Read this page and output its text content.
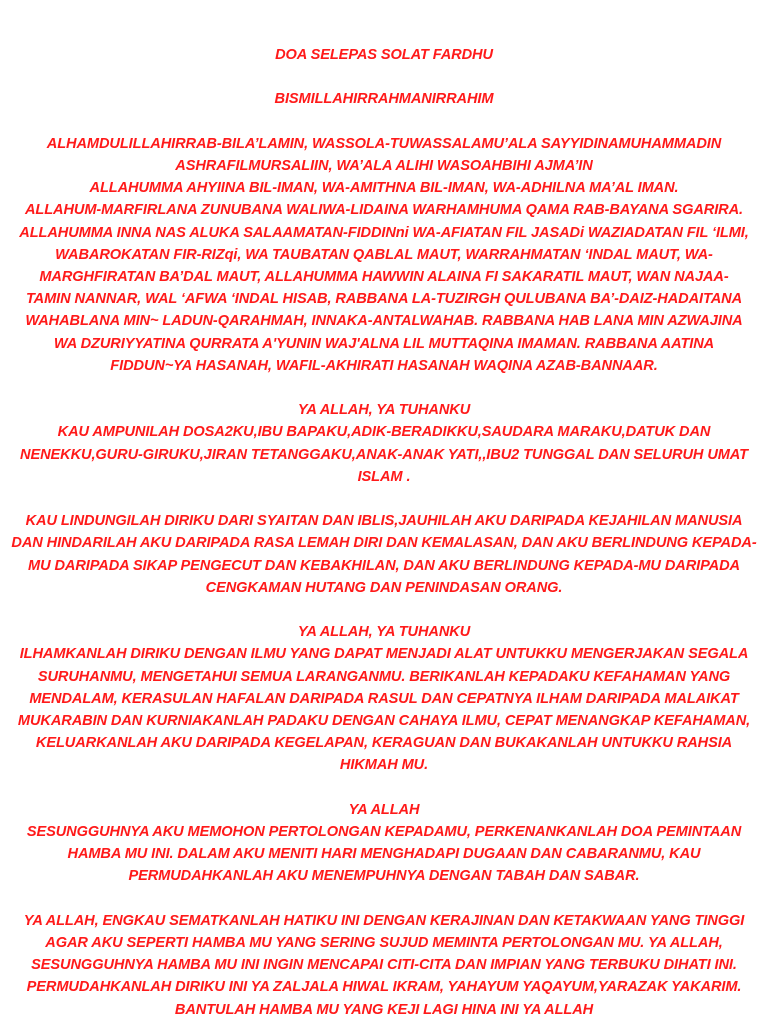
DOA SELEPAS SOLAT FARDHU
BISMILLAHIRRAHMANIRRAHIM
ALHAMDULILLAHIRRAB-BILA’LAMIN, WASSOLA-TUWASSALAMU’ALA SAYYIDINAMUHAMMADIN
ASHRAFILMURSALIIN, WA’ALA ALIHI WASOAHBIHI AJMA’IN
ALLAHUMMA AHYIINA BIL-IMAN, WA-AMITHNA BIL-IMAN, WA-ADHILNA MA’AL IMAN.
ALLAHUM-MARFIRLANA ZUNUBANA WALIWA-LIDAINA WARHAMHUMA QAMA RAB-BAYANA SGARIRA.
ALLAHUMMA INNA NAS ALUKA SALAAMATAN-FIDDINni WA-AFIATAN FIL JASADi WAZIADATAN FIL ‘ILMI,
WABAROKATAN FIR-RIZqi, WA TAUBATAN QABLAL MAUT, WARRAHMATAN ‘INDAL MAUT, WA-
MARGHFIRATAN BA’DAL MAUT, ALLAHUMMA HAWWIN ALAINA FI SAKARATIL MAUT, WAN NAJAA-
TAMIN NANNAR, WAL ‘AFWA ‘INDAL HISAB, RABBANA LA-TUZIRGH QULUBANA BA’-DAIZ-HADAITANA
WAHABLANA MIN~ LADUN-QARAHMAH, INNAKA-ANTALWAHAB. RABBANA HAB LANA MIN AZWAJINA
WA DZURIYYATINA QURRATA A'YUNIN WAJ'ALNA LIL MUTTAQINA IMAMAN. RABBANA AATINA
FIDDUN~YA HASANAH, WAFIL-AKHIRATI HASANAH WAQINA AZAB-BANNAAR.
YA ALLAH, YA TUHANKU
KAU AMPUNILAH DOSA2KU,IBU BAPAKU,ADIK-BERADIKKU,SAUDARA MARAKU,DATUK DAN
NENEKKU,GURU-GIRUKU,JIRAN TETANGGAKU,ANAK-ANAK YATI,,IBU2 TUNGGAL DAN SELURUH UMAT
ISLAM .
KAU LINDUNGILAH DIRIKU DARI SYAITAN DAN IBLIS,JAUHILAH AKU DARIPADA KEJAHILAN MANUSIA
DAN HINDARILAH AKU DARIPADA RASA LEMAH DIRI DAN KEMALASAN, DAN AKU BERLINDUNG KEPADA-
MU DARIPADA SIKAP PENGECUT DAN KEBAKHILAN, DAN AKU BERLINDUNG KEPADA-MU DARIPADA
CENGKAMAN HUTANG DAN PENINDASAN ORANG.
YA ALLAH, YA TUHANKU
ILHAMKANLAH DIRIKU DENGAN ILMU YANG DAPAT MENJADI ALAT UNTUKKU MENGERJAKAN SEGALA
SURUHANMU, MENGETAHUI SEMUA LARANGANMU. BERIKANLAH KEPADAKU KEFAHAMAN YANG
MENDALAM, KERASULAN HAFALAN DARIPADA RASUL DAN CEPATNYA ILHAM DARIPADA MALAIKAT
MUKARABIN DAN KURNIAKANLAH PADAKU DENGAN CAHAYA ILMU, CEPAT MENANGKAP KEFAHAMAN,
KELUARKANLAH AKU DARIPADA KEGELAPAN, KERAGUAN DAN BUKAKANLAH UNTUKKU RAHSIA
HIKMAH MU.
YA ALLAH
SESUNGGUHNYA AKU MEMOHON PERTOLONGAN KEPADAMU, PERKENANKANLAH DOA PEMINTAAN
HAMBA MU INI. DALAM AKU MENITI HARI MENGHADAPI DUGAAN DAN CABARANMU, KAU
PERMUDAHKANLAH AKU MENEMPUHNYA DENGAN TABAH DAN SABAR.
YA ALLAH, ENGKAU SEMATKANLAH HATIKU INI DENGAN KERAJINAN DAN KETAKWAAN YANG TINGGI
AGAR AKU SEPERTI HAMBA MU YANG SERING SUJUD MEMINTA PERTOLONGAN MU. YA ALLAH,
SESUNGGUHNYA HAMBA MU INI INGIN MENCAPAI CITI-CITA DAN IMPIAN YANG TERBUKU DIHATI INI.
PERMUDAHKANLAH DIRIKU INI YA ZALJALA HIWAL IKRAM, YAHAYUM YAQAYUM,YARAZAK YAKARIM.
BANTULAH HAMBA MU YANG KEJI LAGI HINA INI YA ALLAH
